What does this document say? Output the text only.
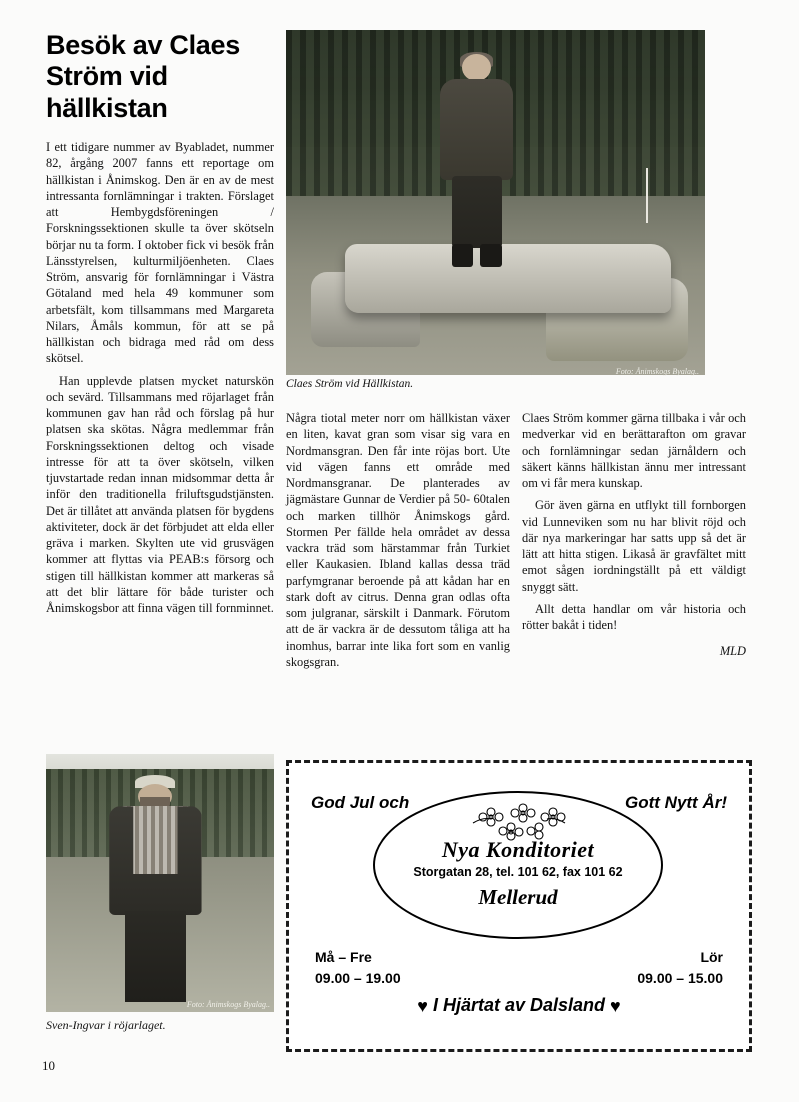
Besök av Claes Ström vid hällkistan
Foto: Ånimskogs Byalag..
Claes Ström vid Hällkistan.

I ett tidigare nummer av Byabladet, nummer 82, årgång 2007 fanns ett reportage om hällkistan i Ånimskog. Den är en av de mest intressanta fornlämningar i trakten. Förslaget att Hembygdsföreningen / Forskningssektionen skulle ta över skötseln börjar nu ta form. I oktober fick vi besök från Länsstyrelsen, kulturmiljöenheten. Claes Ström, ansvarig för fornlämningar i Västra Götaland med hela 49 kommuner som arbetsfält, kom tillsammans med Margareta Nilars, Åmåls kommun, för att se på hällkistan och bidraga med råd om dess skötsel.

Han upplevde platsen mycket naturskön och sevärd. Tillsammans med röjarlaget från kommunen gav han råd och förslag på hur platsen ska skötas. Några medlemmar från Forskningssektionen deltog och visade intresse för att ta över skötseln, vilken tjuvstartade redan innan midsommar detta år inför den traditionella friluftsgudstjänsten. Det är tillåtet att använda platsen för bygdens aktiviteter, dock är det förbjudet att elda eller gräva i marken. Skylten ute vid grusvägen kommer att flyttas via PEAB:s försorg och stigen till hällkistan kommer att markeras så att det blir lättare för både turister och Ånimskogsbor att finna vägen till fornminnet.

Några tiotal meter norr om hällkistan växer en liten, kavat gran som visar sig vara en Nordmansgran. Den får inte röjas bort. Ute vid vägen fanns ett område med Nordmansgranar. De planterades av jägmästare Gunnar de Verdier på 50- 60talen och marken tillhör Ånimskogs gård. Stormen Per fällde hela området av dessa vackra träd som härstammar från Turkiet eller Kaukasien. Ibland kallas dessa träd parfymgranar beroende på att kådan har en stark doft av citrus. Denna gran odlas ofta som julgranar, särskilt i Danmark. Förutom att de är vackra är de dessutom tåliga att ha inomhus, barrar inte lika fort som en vanlig skogsgran.

Claes Ström kommer gärna tillbaka i vår och medverkar vid en berättarafton om gravar och fornlämningar sedan järnåldern och säkert känns hällkistan ännu mer intressant om vi får mera kunskap.

Gör även gärna en utflykt till fornborgen vid Lunneviken som nu har blivit röjd och där nya markeringar har satts upp så det är lätt att hitta stigen. Likaså är gravfältet mitt emot sågen iordningställt på ett väldigt snyggt sätt.

Allt detta handlar om vår historia och rötter bakåt i tiden!

MLD
Foto: Ånimskogs Byalag..
Sven-Ingvar i röjarlaget.
God Jul och	Gott Nytt År!
Nya Konditoriet
Storgatan 28, tel. 101 62, fax 101 62
Mellerud
Må – Fre
09.00 – 19.00
Lör
09.00 – 15.00
♥ I Hjärtat av Dalsland ♥
10
